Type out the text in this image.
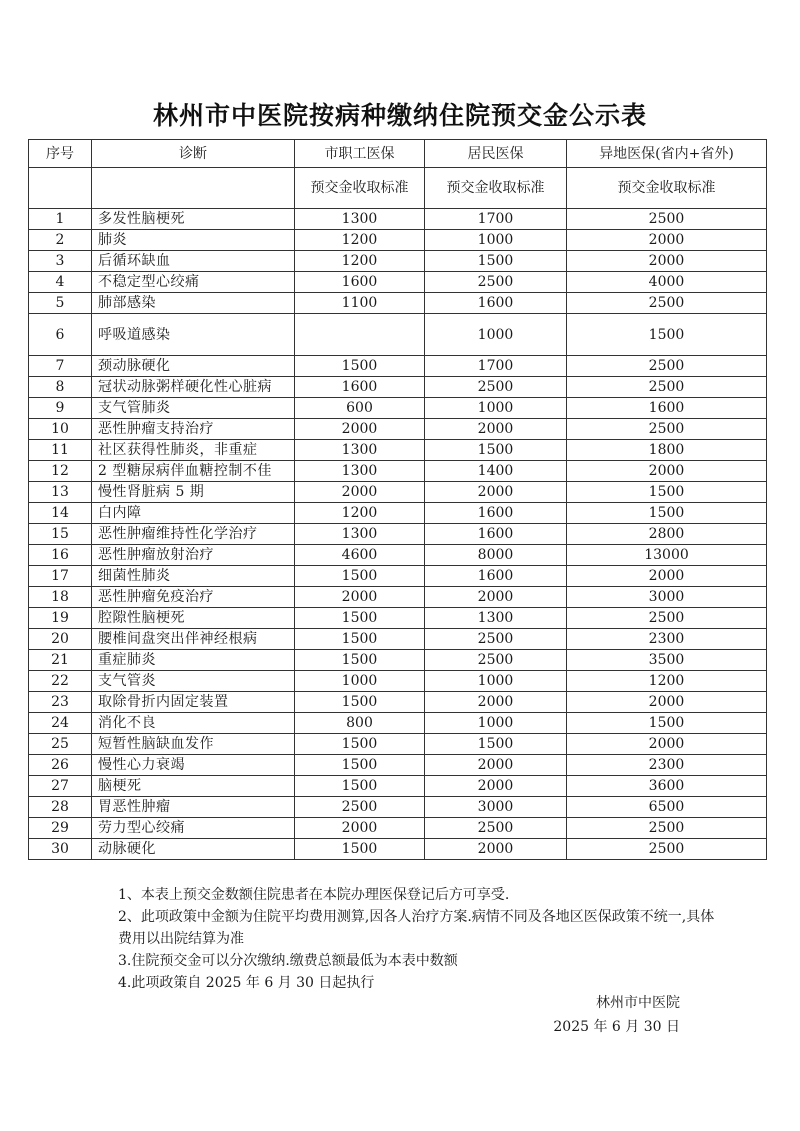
林州市中医院按病种缴纳住院预交金公示表
序号	诊断	市职工医保	居民医保	异地医保(省内+省外)
		预交金收取标准	预交金收取标准	预交金收取标准
1	多发性脑梗死	1300	1700	2500
2	肺炎	1200	1000	2000
3	后循环缺血	1200	1500	2000
4	不稳定型心绞痛	1600	2500	4000
5	肺部感染	1100	1600	2500
6	呼吸道感染		1000	1500
7	颈动脉硬化	1500	1700	2500
8	冠状动脉粥样硬化性心脏病	1600	2500	2500
9	支气管肺炎	600	1000	1600
10	恶性肿瘤支持治疗	2000	2000	2500
11	社区获得性肺炎，非重症	1300	1500	1800
12	2 型糖尿病伴血糖控制不佳	1300	1400	2000
13	慢性肾脏病 5 期	2000	2000	1500
14	白内障	1200	1600	1500
15	恶性肿瘤维持性化学治疗	1300	1600	2800
16	恶性肿瘤放射治疗	4600	8000	13000
17	细菌性肺炎	1500	1600	2000
18	恶性肿瘤免疫治疗	2000	2000	3000
19	腔隙性脑梗死	1500	1300	2500
20	腰椎间盘突出伴神经根病	1500	2500	2300
21	重症肺炎	1500	2500	3500
22	支气管炎	1000	1000	1200
23	取除骨折内固定装置	1500	2000	2000
24	消化不良	800	1000	1500
25	短暂性脑缺血发作	1500	1500	2000
26	慢性心力衰竭	1500	2000	2300
27	脑梗死	1500	2000	3600
28	胃恶性肿瘤	2500	3000	6500
29	劳力型心绞痛	2000	2500	2500
30	动脉硬化	1500	2000	2500

1、本表上预交金数额住院患者在本院办理医保登记后方可享受.

2、此项政策中金额为住院平均费用测算,因各人治疗方案.病情不同及各地区医保政策不统一,具体费用以出院结算为准

3.住院预交金可以分次缴纳.缴费总额最低为本表中数额

4.此项政策自 2025 年 6 月 30 日起执行

林州市中医院
2025 年 6 月 30 日
